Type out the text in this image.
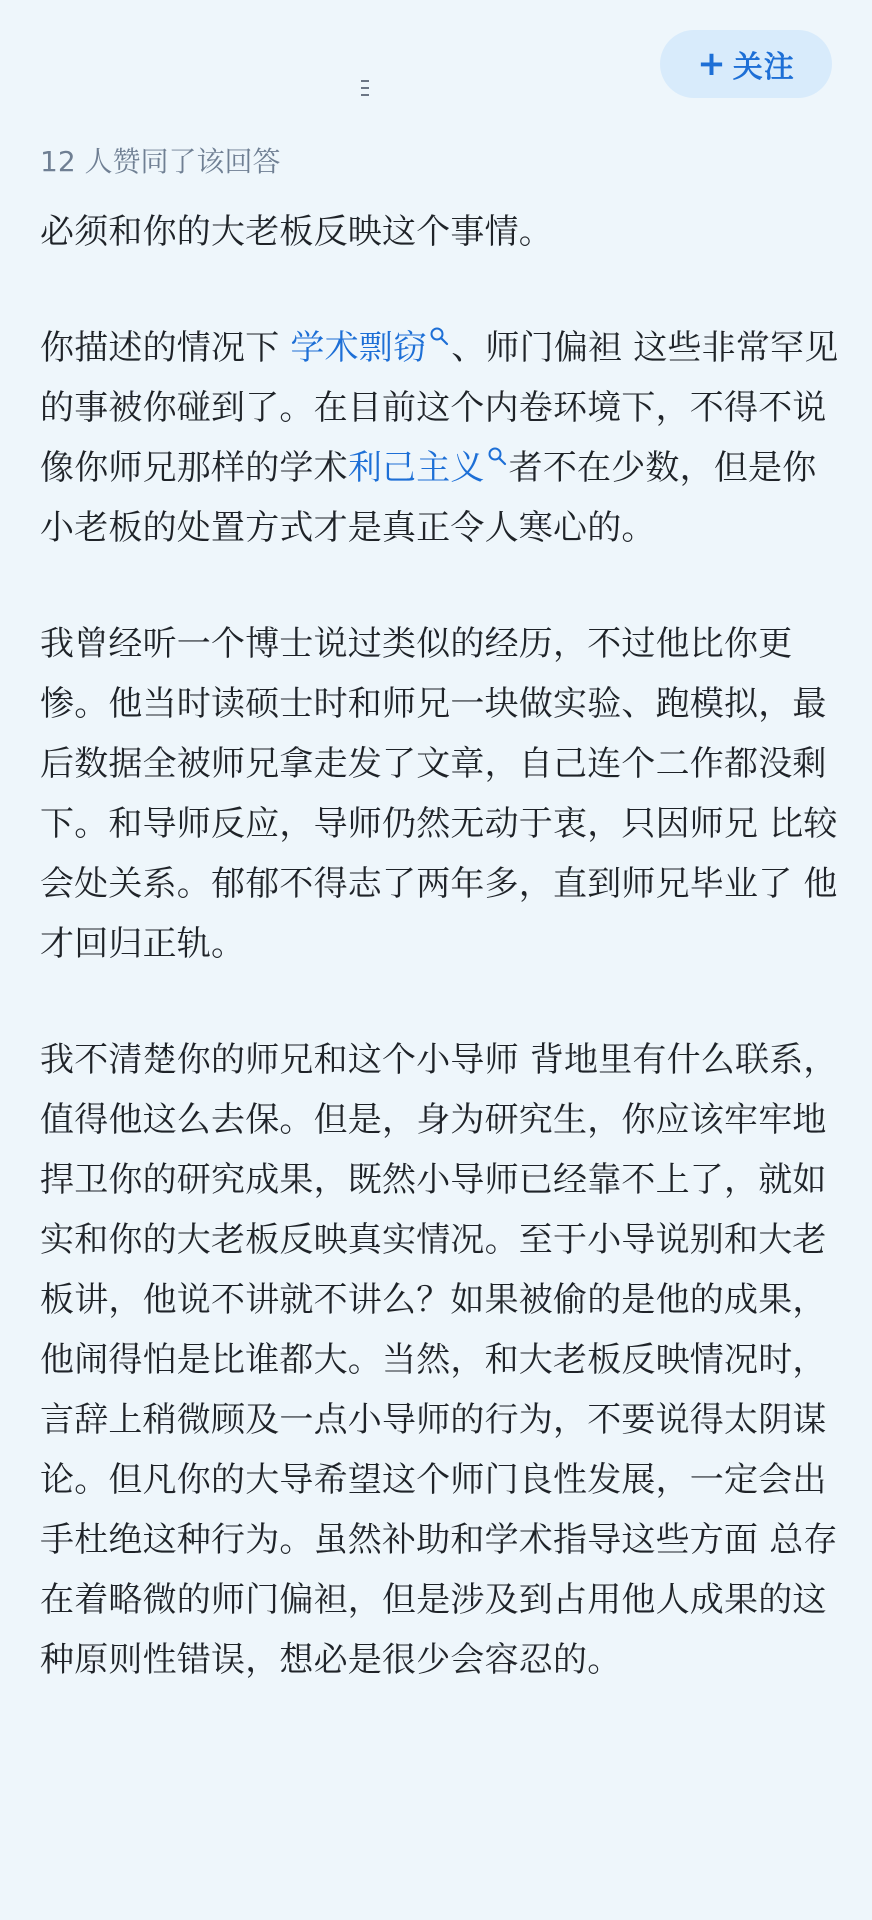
+ 关注
12 人赞同了该回答

必须和你的大老板反映这个事情。

你描述的情况下 学术剽窃 、师门偏袒 这些非常罕见的事被你碰到了。在目前这个内卷环境下，不得不说像你师兄那样的学术利己主义 者不在少数，但是你小老板的处置方式才是真正令人寒心的。

我曾经听一个博士说过类似的经历，不过他比你更惨。他当时读硕士时和师兄一块做实验、跑模拟，最后数据全被师兄拿走发了文章，自己连个二作都没剩下。和导师反应，导师仍然无动于衷，只因师兄 比较会处关系。郁郁不得志了两年多，直到师兄毕业了 他才回归正轨。

我不清楚你的师兄和这个小导师 背地里有什么联系，值得他这么去保。但是，身为研究生，你应该牢牢地捍卫你的研究成果，既然小导师已经靠不上了，就如实和你的大老板反映真实情况。至于小导说别和大老板讲，他说不讲就不讲么？如果被偷的是他的成果，他闹得怕是比谁都大。当然，和大老板反映情况时，言辞上稍微顾及一点小导师的行为，不要说得太阴谋论。但凡你的大导希望这个师门良性发展，一定会出手杜绝这种行为。虽然补助和学术指导这些方面 总存在着略微的师门偏袒，但是涉及到占用他人成果的这种原则性错误，想必是很少会容忍的。
